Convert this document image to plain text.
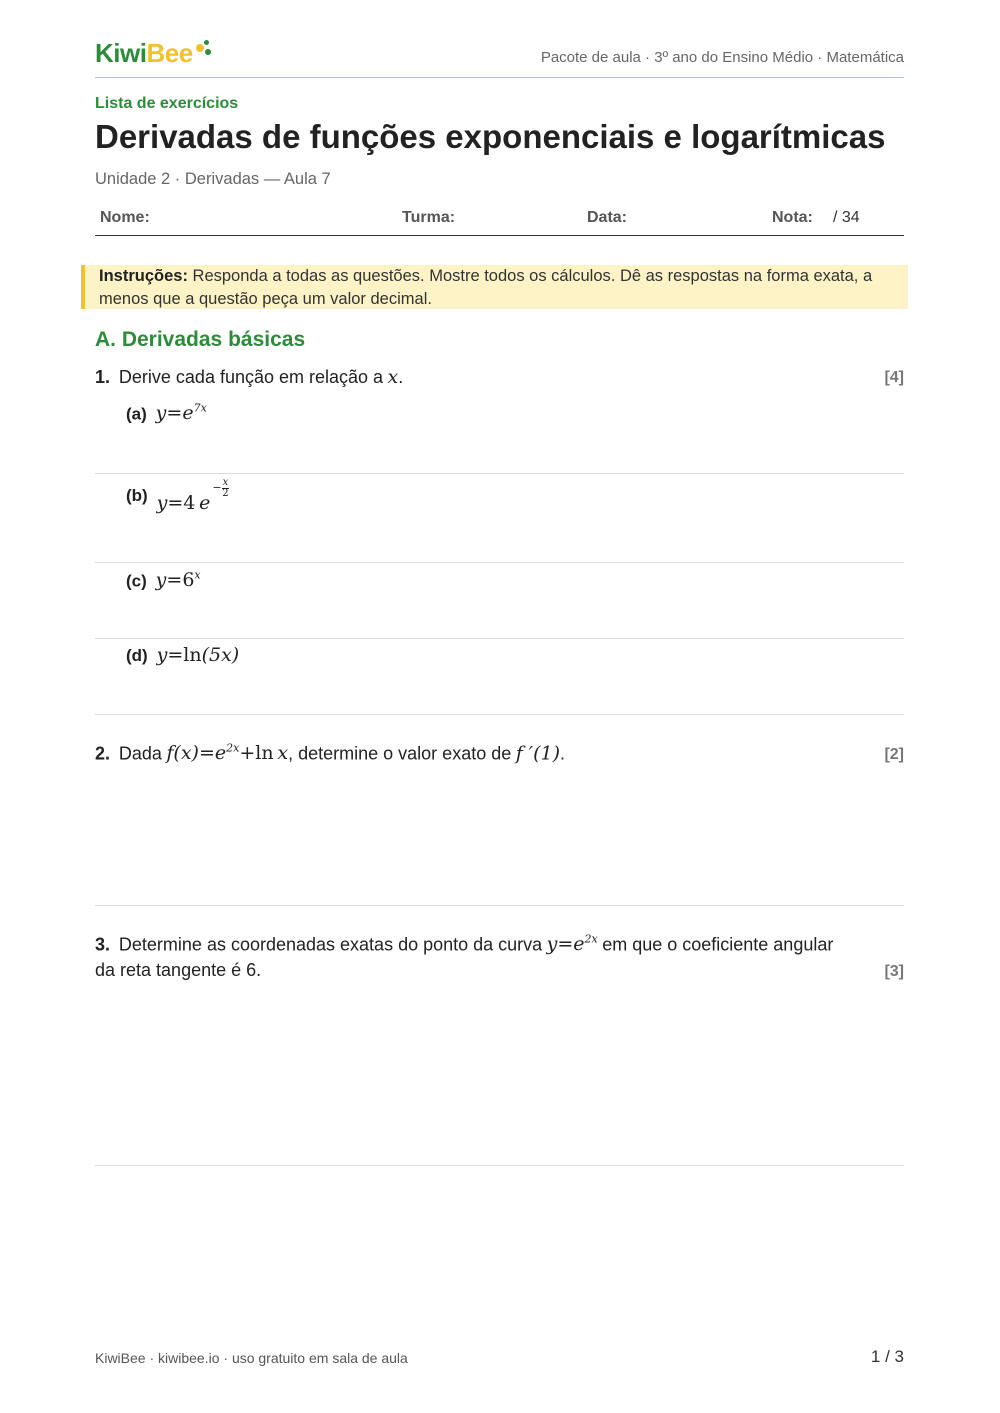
KiwiBee	Pacote de aula · 3º ano do Ensino Médio · Matemática
Lista de exercícios
Derivadas de funções exponenciais e logarítmicas
Unidade 2 · Derivadas — Aula 7
Nome:	Turma:	Data:	Nota: / 34
Instruções: Responda a todas as questões. Mostre todos os cálculos. Dê as respostas na forma exata, a menos que a questão peça um valor decimal.
A. Derivadas básicas
1. Derive cada função em relação a x.	[4]
(a) $y=e^{7x}$
(b) y=4  $e^{- \frac{x}{2}}$
(c) $y=6^x$
(d) y=ln(5x)
2. Dada $f(x)=e^{2x}+\ln$  x, determine o valor exato de f ′(1).	[2]
3. Determine as coordenadas exatas do ponto da curva $y=e^{2x}$ em que o coeficiente angular
da reta tangente é 6.	[3]
KiwiBee · kiwibee.io · uso gratuito em sala de aula	1 / 3
